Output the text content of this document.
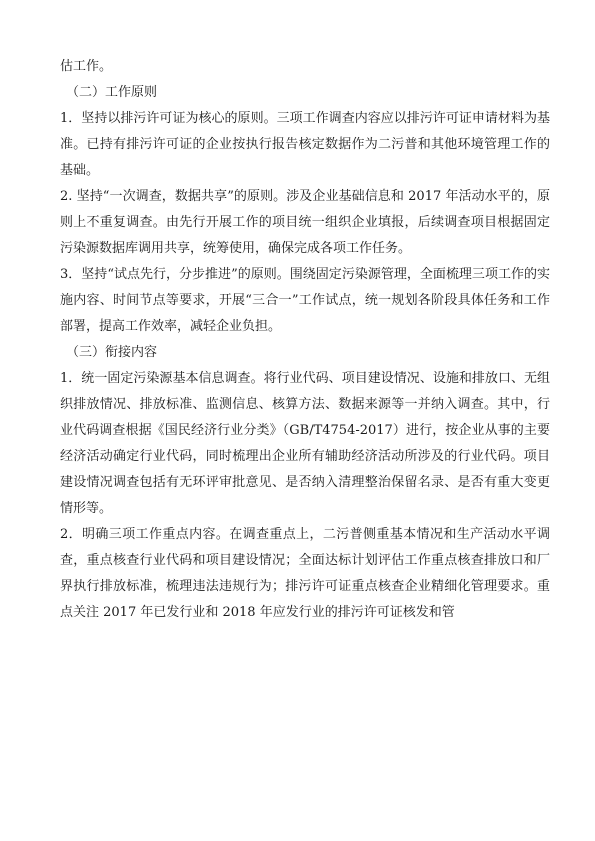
估工作。

（二）工作原则

1．坚持以排污许可证为核心的原则。三项工作调查内容应以排污许可证申请材料为基准。已持有排污许可证的企业按执行报告核定数据作为二污普和其他环境管理工作的基础。

2. 坚持“一次调查，数据共享”的原则。涉及企业基础信息和 2017 年活动水平的，原则上不重复调查。由先行开展工作的项目统一组织企业填报，后续调查项目根据固定污染源数据库调用共享，统筹使用，确保完成各项工作任务。

3．坚持“试点先行，分步推进”的原则。围绕固定污染源管理，全面梳理三项工作的实施内容、时间节点等要求，开展“三合一”工作试点，统一规划各阶段具体任务和工作部署，提高工作效率，减轻企业负担。

（三）衔接内容

1．统一固定污染源基本信息调查。将行业代码、项目建设情况、设施和排放口、无组织排放情况、排放标准、监测信息、核算方法、数据来源等一并纳入调查。其中，行业代码调查根据《国民经济行业分类》（GB/T4754-2017）进行，按企业从事的主要经济活动确定行业代码，同时梳理出企业所有辅助经济活动所涉及的行业代码。项目建设情况调查包括有无环评审批意见、是否纳入清理整治保留名录、是否有重大变更情形等。

2．明确三项工作重点内容。在调查重点上，二污普侧重基本情况和生产活动水平调查，重点核查行业代码和项目建设情况；全面达标计划评估工作重点核查排放口和厂界执行排放标准，梳理违法违规行为；排污许可证重点核查企业精细化管理要求。重点关注 2017 年已发行业和 2018 年应发行业的排污许可证核发和管
